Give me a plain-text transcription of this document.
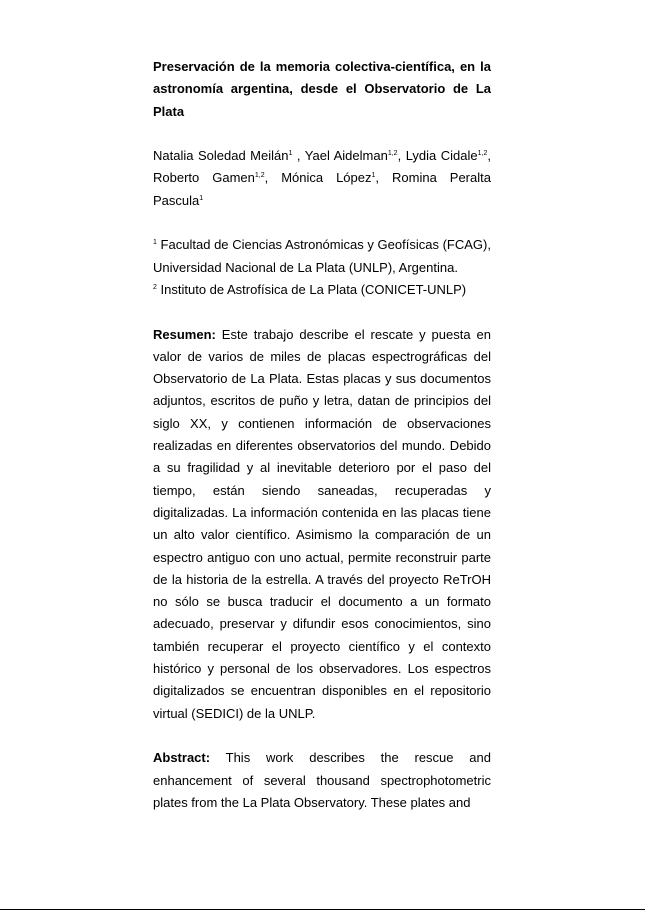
Preservación de la memoria colectiva-científica, en la astronomía argentina, desde el Observatorio de La Plata

Natalia Soledad Meilán$^1$ , Yael Aidelman$^{1,2}$, Lydia Cidale$^{1,2}$, Roberto Gamen$^{1,2}$, Mónica López$^1$, Romina Peralta Pascula$^1$

$^1$ Facultad de Ciencias Astronómicas y Geofísicas (FCAG), Universidad Nacional de La Plata (UNLP), Argentina.

$^2$ Instituto de Astrofísica de La Plata (CONICET-UNLP)

Resumen: Este trabajo describe el rescate y puesta en valor de varios de miles de placas espectrográficas del Observatorio de La Plata. Estas placas y sus documentos adjuntos, escritos de puño y letra, datan de principios del siglo XX, y contienen información de observaciones realizadas en diferentes observatorios del mundo. Debido a su fragilidad y al inevitable deterioro por el paso del tiempo, están siendo saneadas, recuperadas y digitalizadas. La información contenida en las placas tiene un alto valor científico. Asimismo la comparación de un espectro antiguo con uno actual, permite reconstruir parte de la historia de la estrella. A través del proyecto ReTrOH no sólo se busca traducir el documento a un formato adecuado, preservar y difundir esos conocimientos, sino también recuperar el proyecto científico y el contexto histórico y personal de los observadores. Los espectros digitalizados se encuentran disponibles en el repositorio virtual (SEDICI) de la UNLP.

Abstract: This work describes the rescue and enhancement of several thousand spectrophotometric plates from the La Plata Observatory. These plates and
